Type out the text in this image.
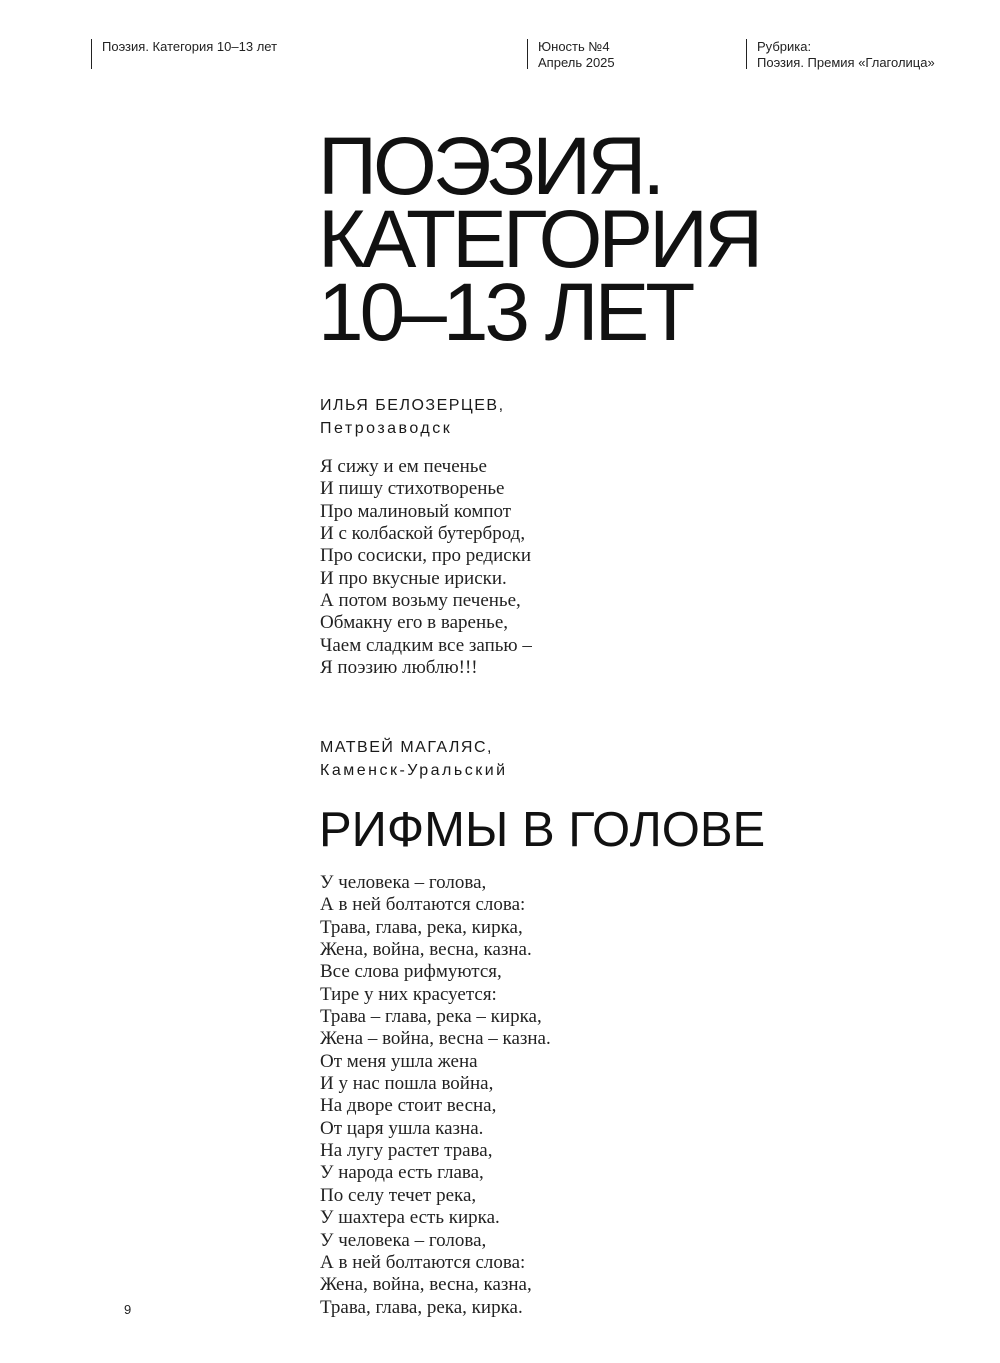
Поэзия. Категория 10–13 лет	Юность №4
Апрель 2025
Рубрика:
Поэзия. Премия «Глаголица»
ПОЭЗИЯ.
КАТЕГОРИЯ
10–13 ЛЕТ
ИЛЬЯ БЕЛОЗЕРЦЕВ,
Петрозаводск
Я сижу и ем печенье
И пишу стихотворенье
Про малиновый компот
И с колбаской бутерброд,
Про сосиски, про редиски
И про вкусные ириски.
А потом возьму печенье,
Обмакну его в варенье,
Чаем сладким все запью –
Я поэзию люблю!!!
МАТВЕЙ МАГАЛЯС,
Каменск-Уральский
РИФМЫ В ГОЛОВЕ
У человека – голова,
А в ней болтаются слова:
Трава, глава, река, кирка,
Жена, война, весна, казна.
Все слова рифмуются,
Тире у них красуется:
Трава – глава, река – кирка,
Жена – война, весна – казна.
От меня ушла жена
И у нас пошла война,
На дворе стоит весна,
От царя ушла казна.
На лугу растет трава,
У народа есть глава,
По селу течет река,
У шахтера есть кирка.
У человека – голова,
А в ней болтаются слова:
Жена, война, весна, казна,
Трава, глава, река, кирка.
9
